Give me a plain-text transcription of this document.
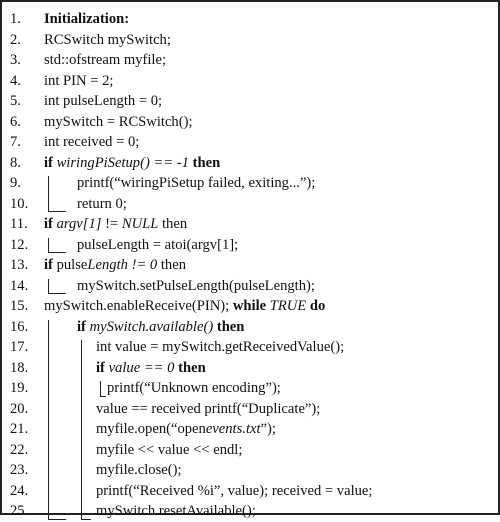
1.	Initialization:
2.	RCSwitch mySwitch;
3.	std::ofstream myfile;
4.	int PIN = 2;
5.	int pulseLength = 0;
6.	mySwitch = RCSwitch();
7.	int received = 0;
8.	if wiringPiSetup() == -1 then
9.	printf(“wiringPiSetup failed, exiting...”);
10.	return 0;
11.	if argv[1] != NULL then
12.	pulseLength = atoi(argv[1];
13.	if pulseLength != 0 then
14.	mySwitch.setPulseLength(pulseLength);
15.	mySwitch.enableReceive(PIN); while TRUE do
16.	if mySwitch.available() then
17.	int value = mySwitch.getReceivedValue();
18.	if value == 0 then
19.	printf(“Unknown encoding”);
20.	value == received printf(“Duplicate”);
21.	myfile.open(“openevents.txt”);
22.	myfile << value << endl;
23.	myfile.close();
24.	printf(“Received %i”, value); received = value;
25.	mySwitch.resetAvailable();
